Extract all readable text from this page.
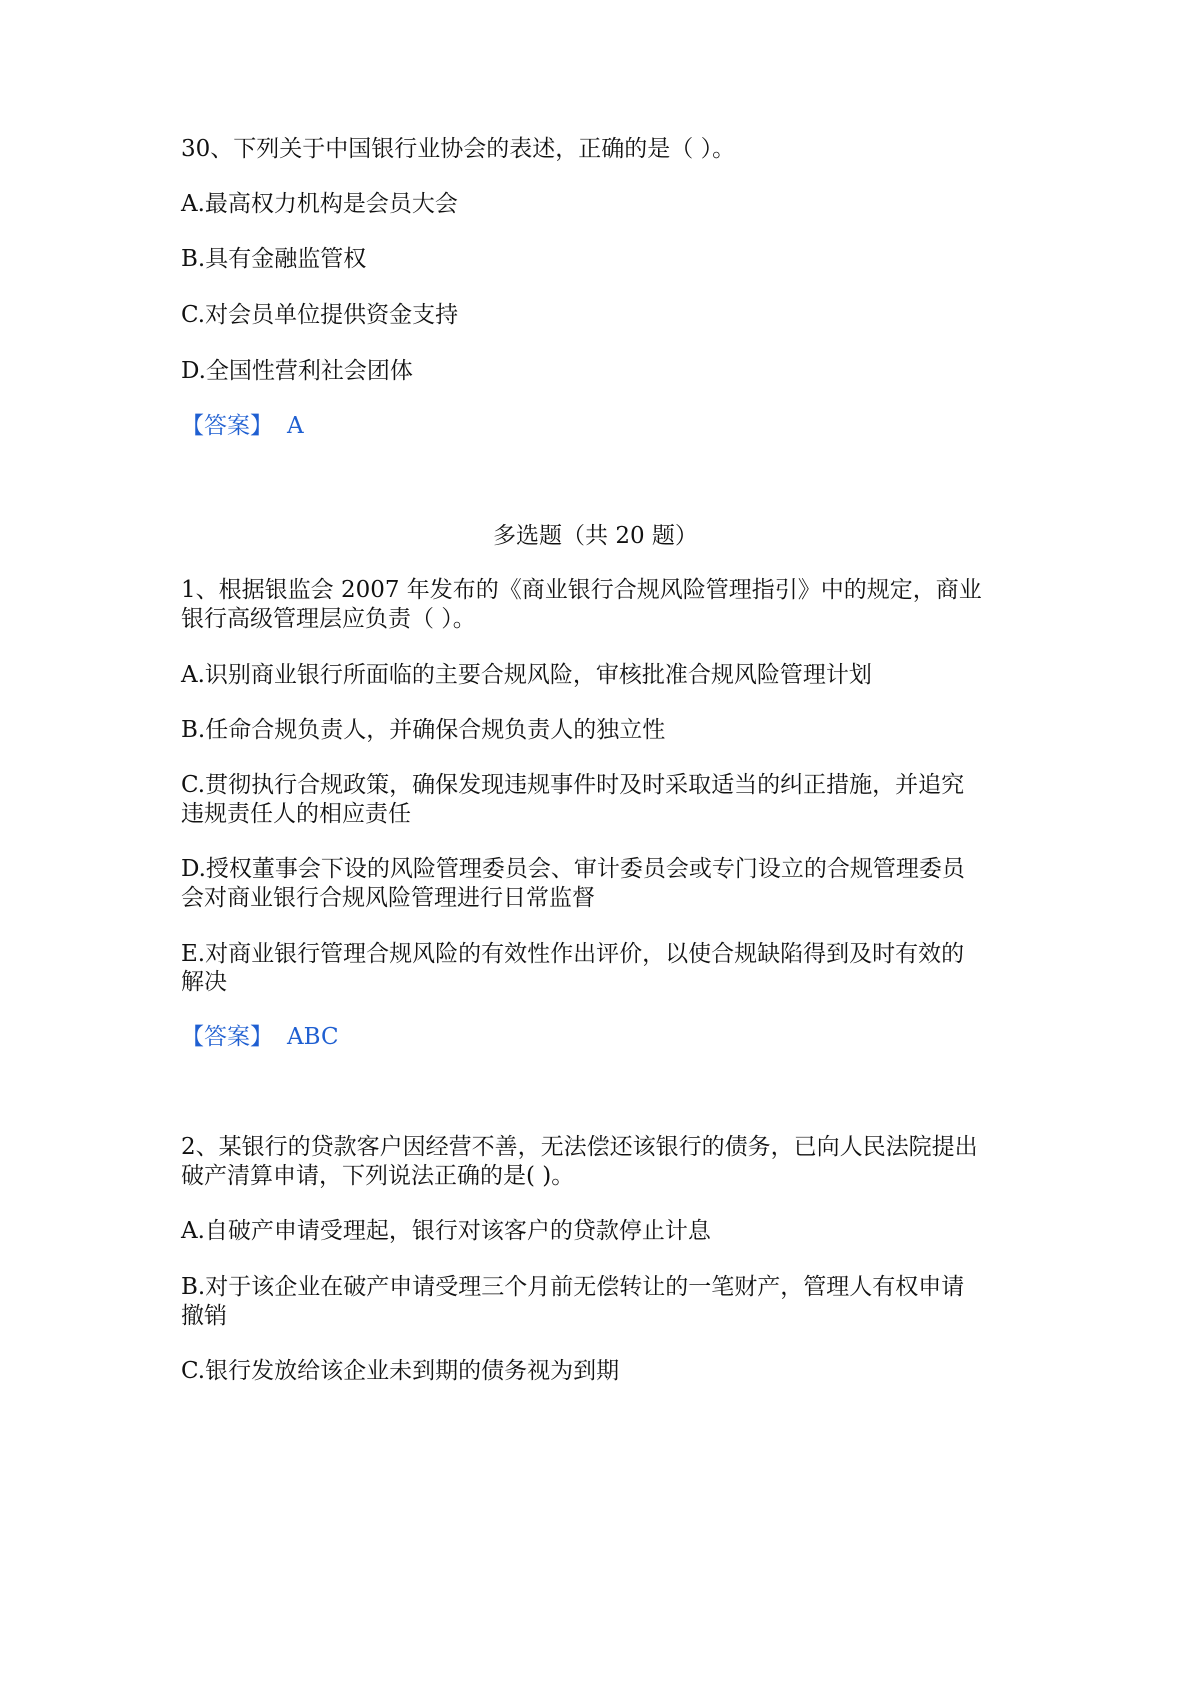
30、下列关于中国银行业协会的表述，正确的是（ ）。
A.最高权力机构是会员大会
B.具有金融监管权
C.对会员单位提供资金支持
D.全国性营利社会团体
【答案】 A
多选题（共 20 题）
1、根据银监会 2007 年发布的《商业银行合规风险管理指引》中的规定，商业
银行高级管理层应负责（ ）。
A.识别商业银行所面临的主要合规风险，审核批准合规风险管理计划
B.任命合规负责人，并确保合规负责人的独立性
C.贯彻执行合规政策，确保发现违规事件时及时采取适当的纠正措施，并追究
违规责任人的相应责任
D.授权董事会下设的风险管理委员会、审计委员会或专门设立的合规管理委员
会对商业银行合规风险管理进行日常监督
E.对商业银行管理合规风险的有效性作出评价，以使合规缺陷得到及时有效的
解决
【答案】 ABC
2、某银行的贷款客户因经营不善，无法偿还该银行的债务，已向人民法院提出
破产清算申请，下列说法正确的是( )。
A.自破产申请受理起，银行对该客户的贷款停止计息
B.对于该企业在破产申请受理三个月前无偿转让的一笔财产，管理人有权申请
撤销
C.银行发放给该企业未到期的债务视为到期
